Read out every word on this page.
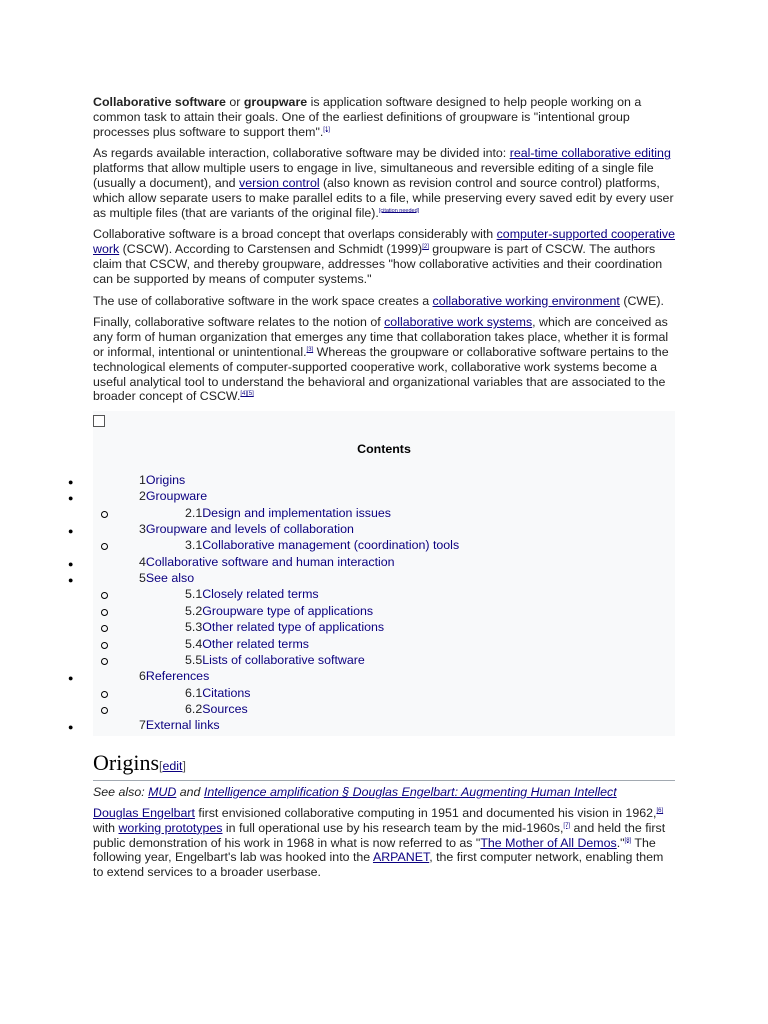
Collaborative software or groupware is application software designed to help people working on a common task to attain their goals. One of the earliest definitions of groupware is "intentional group processes plus software to support them".[1]

As regards available interaction, collaborative software may be divided into: real-time collaborative editing platforms that allow multiple users to engage in live, simultaneous and reversible editing of a single file (usually a document), and version control (also known as revision control and source control) platforms, which allow separate users to make parallel edits to a file, while preserving every saved edit by every user as multiple files (that are variants of the original file).[citation needed]

Collaborative software is a broad concept that overlaps considerably with computer-supported cooperative work (CSCW). According to Carstensen and Schmidt (1999)[2] groupware is part of CSCW. The authors claim that CSCW, and thereby groupware, addresses "how collaborative activities and their coordination can be supported by means of computer systems."

The use of collaborative software in the work space creates a collaborative working environment (CWE).

Finally, collaborative software relates to the notion of collaborative work systems, which are conceived as any form of human organization that emerges any time that collaboration takes place, whether it is formal or informal, intentional or unintentional.[3] Whereas the groupware or collaborative software pertains to the technological elements of computer-supported cooperative work, collaborative work systems become a useful analytical tool to understand the behavioral and organizational variables that are associated to the broader concept of CSCW.[4][5]

Contents
1Origins
●
2Groupware
●
2.1Design and implementation issues
3Groupware and levels of collaboration
●
3.1Collaborative management (coordination) tools
4Collaborative software and human interaction
●
5See also
●
5.1Closely related terms
5.2Groupware type of applications
5.3Other related type of applications
5.4Other related terms
5.5Lists of collaborative software
6References
●
6.1Citations
6.2Sources
7External links
●
Origins[edit]

See also: MUD and Intelligence amplification § Douglas Engelbart: Augmenting Human Intellect

Douglas Engelbart first envisioned collaborative computing in 1951 and documented his vision in 1962,[6] with working prototypes in full operational use by his research team by the mid-1960s,[7] and held the first public demonstration of his work in 1968 in what is now referred to as "The Mother of All Demos."[8] The following year, Engelbart's lab was hooked into the ARPANET, the first computer network, enabling them to extend services to a broader userbase.
